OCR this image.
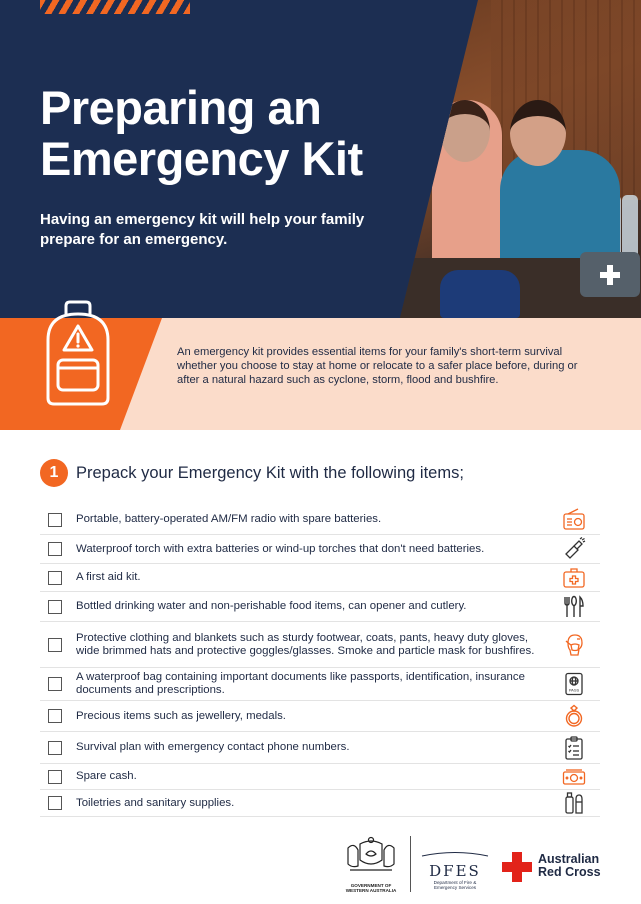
Preparing an Emergency Kit

Having an emergency kit will help your family prepare for an emergency.

An emergency kit provides essential items for your family's short-term survival whether you choose to stay at home or relocate to a safer place before, during or after a natural hazard such as cyclone, storm, flood and bushfire.

1	Prepack your Emergency Kit with the following items;
Portable, battery-operated AM/FM radio with spare batteries.
Waterproof torch with extra batteries or wind-up torches that don't need batteries.
A first aid kit.
Bottled drinking water and non-perishable food items, can opener and cutlery.
Protective clothing and blankets such as sturdy footwear, coats, pants, heavy duty gloves, wide brimmed hats and protective goggles/glasses. Smoke and particle mask for bushfires.
A waterproof bag containing important documents like passports, identification, insurance documents and prescriptions.	PASS
Precious items such as jewellery, medals.
Survival plan with emergency contact phone numbers.
Spare cash.
Toiletries and sanitary supplies.
GOVERNMENT OF
WESTERN AUSTRALIA
DFES
Department of Fire &
Emergency Services
Australian
Red Cross
